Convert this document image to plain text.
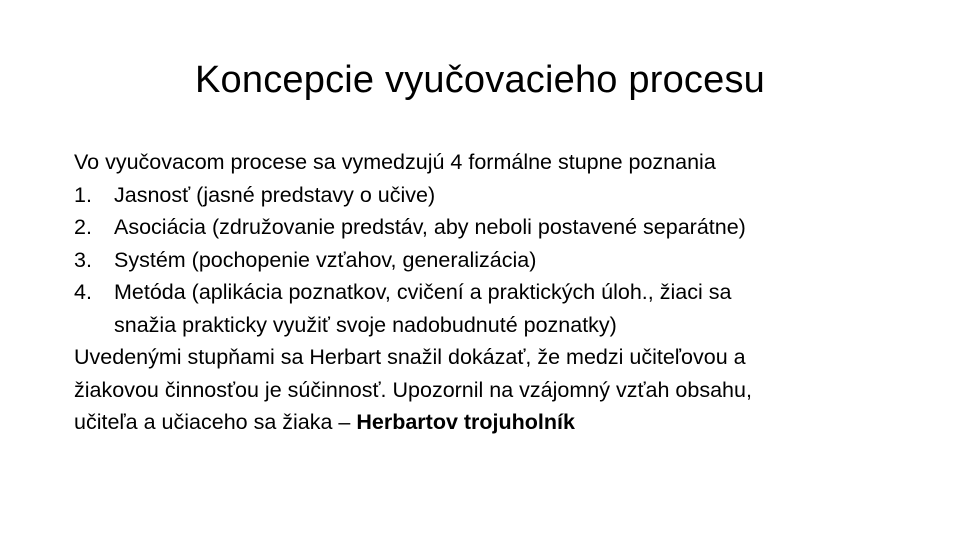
Koncepcie vyučovacieho procesu
Vo vyučovacom procese sa vymedzujú 4 formálne stupne poznania
1. Jasnosť (jasné predstavy o učive)
2. Asociácia (združovanie predstáv, aby neboli postavené separátne)
3. Systém (pochopenie vzťahov, generalizácia)
4. Metóda (aplikácia poznatkov, cvičení a praktických úloh., žiaci sa
snažia prakticky využiť svoje nadobudnuté poznatky)
Uvedenými stupňami sa Herbart snažil dokázať, že medzi učiteľovou a
žiakovou činnosťou je súčinnosť. Upozornil na vzájomný vzťah obsahu,
učiteľa a učiaceho sa žiaka – Herbartov trojuholník
